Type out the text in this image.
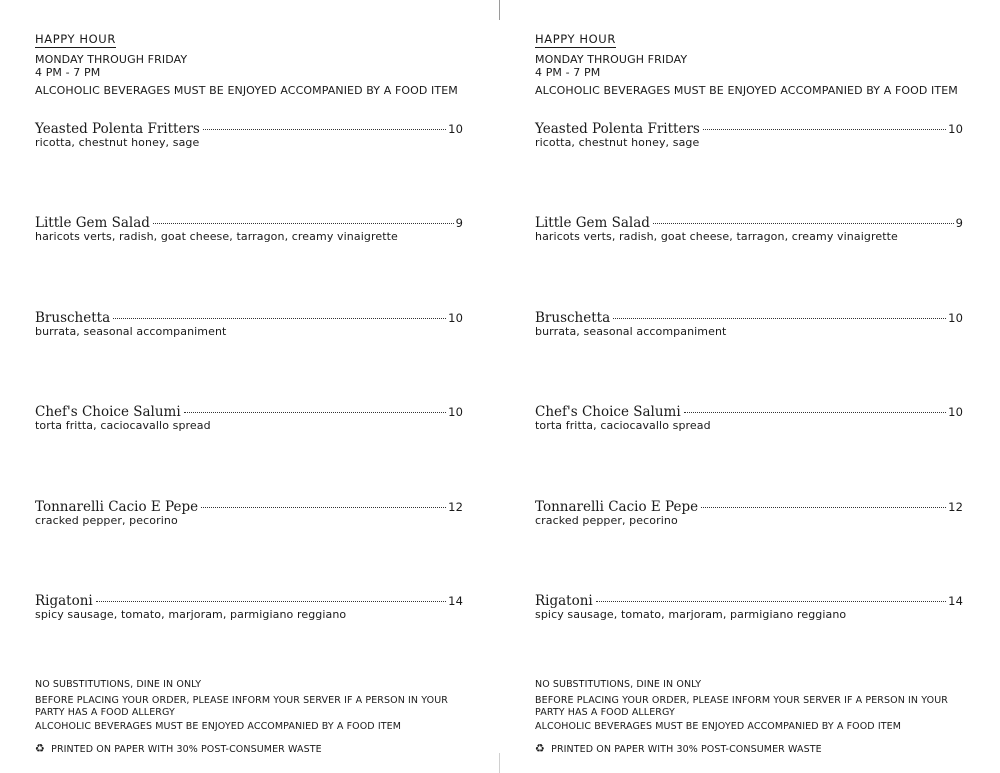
HAPPY HOUR
MONDAY THROUGH FRIDAY
4 PM - 7 PM
ALCOHOLIC BEVERAGES MUST BE ENJOYED ACCOMPANIED BY A FOOD ITEM
Yeasted Polenta Fritters	10
ricotta, chestnut honey, sage
Little Gem Salad	9
haricots verts, radish, goat cheese, tarragon, creamy vinaigrette
Bruschetta	10
burrata, seasonal accompaniment
Chef's Choice Salumi	10
torta fritta, caciocavallo spread
Tonnarelli Cacio E Pepe	12
cracked pepper, pecorino
Rigatoni	14
spicy sausage, tomato, marjoram, parmigiano reggiano
NO SUBSTITUTIONS, DINE IN ONLY
BEFORE PLACING YOUR ORDER, PLEASE INFORM YOUR SERVER IF A PERSON IN YOUR PARTY HAS A FOOD ALLERGY
ALCOHOLIC BEVERAGES MUST BE ENJOYED ACCOMPANIED BY A FOOD ITEM
♻ PRINTED ON PAPER WITH 30% POST-CONSUMER WASTE
HAPPY HOUR
MONDAY THROUGH FRIDAY
4 PM - 7 PM
ALCOHOLIC BEVERAGES MUST BE ENJOYED ACCOMPANIED BY A FOOD ITEM
Yeasted Polenta Fritters	10
ricotta, chestnut honey, sage
Little Gem Salad	9
haricots verts, radish, goat cheese, tarragon, creamy vinaigrette
Bruschetta	10
burrata, seasonal accompaniment
Chef's Choice Salumi	10
torta fritta, caciocavallo spread
Tonnarelli Cacio E Pepe	12
cracked pepper, pecorino
Rigatoni	14
spicy sausage, tomato, marjoram, parmigiano reggiano
NO SUBSTITUTIONS, DINE IN ONLY
BEFORE PLACING YOUR ORDER, PLEASE INFORM YOUR SERVER IF A PERSON IN YOUR PARTY HAS A FOOD ALLERGY
ALCOHOLIC BEVERAGES MUST BE ENJOYED ACCOMPANIED BY A FOOD ITEM
♻ PRINTED ON PAPER WITH 30% POST-CONSUMER WASTE
